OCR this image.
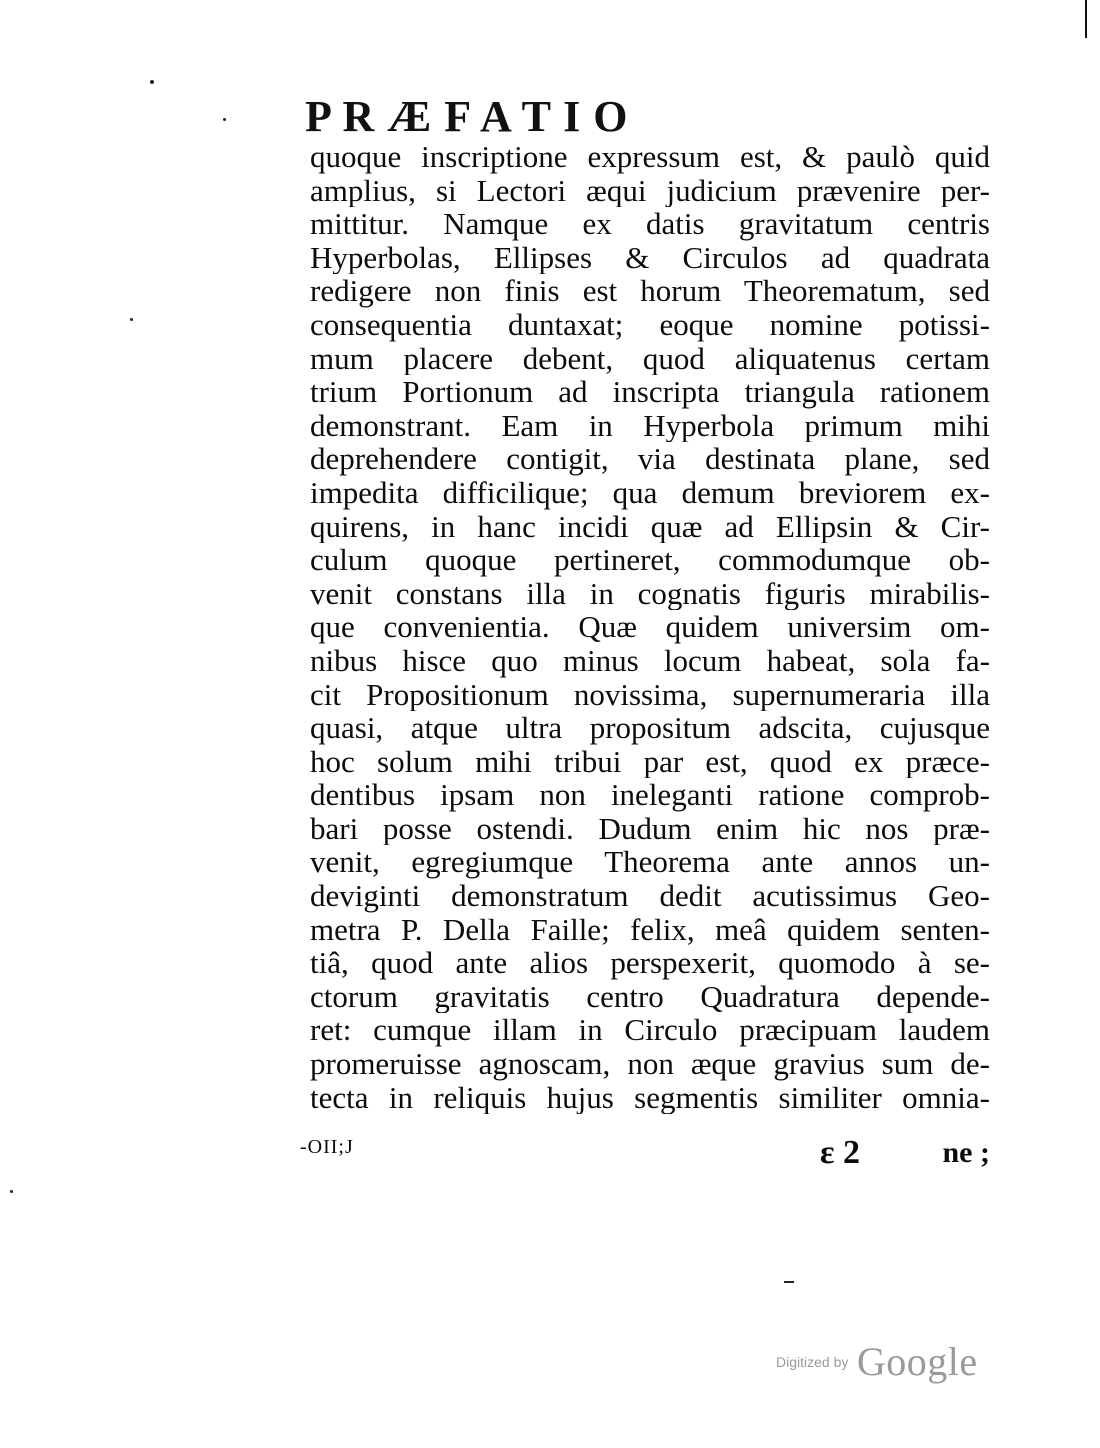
P R Æ F A T I O
quoque inscriptione expressum est, & paulò quid
amplius, si Lectori æqui judicium prævenire per-
mittitur. Namque ex datis gravitatum centris
Hyperbolas, Ellipses & Circulos ad quadrata
redigere non finis est horum Theorematum, sed
consequentia duntaxat; eoque nomine potissi-
mum placere debent, quod aliquatenus certam
trium Portionum ad inscripta triangula rationem
demonstrant. Eam in Hyperbola primum mihi
deprehendere contigit, via destinata plane, sed
impedita difficilique; qua demum breviorem ex-
quirens, in hanc incidi quæ ad Ellipsin & Cir-
culum quoque pertineret, commodumque ob-
venit constans illa in cognatis figuris mirabilis-
que convenientia. Quæ quidem universim om-
nibus hisce quo minus locum habeat, sola fa-
cit Propositionum novissima, supernumeraria illa
quasi, atque ultra propositum adscita, cujusque
hoc solum mihi tribui par est, quod ex præce-
dentibus ipsam non ineleganti ratione comprob-
bari posse ostendi. Dudum enim hic nos præ-
venit, egregiumque Theorema ante annos un-
deviginti demonstratum dedit acutissimus Geo-
metra P. Della Faille; felix, meâ quidem senten-
tiâ, quod ante alios perspexerit, quomodo à se-
ctorum gravitatis centro Quadratura depende-
ret: cumque illam in Circulo præcipuam laudem
promeruisse agnoscam, non æque gravius sum de-
tecta in reliquis hujus segmentis similiter omnia-
-OII;J	ε 2	ne ;
Digitized by Google
